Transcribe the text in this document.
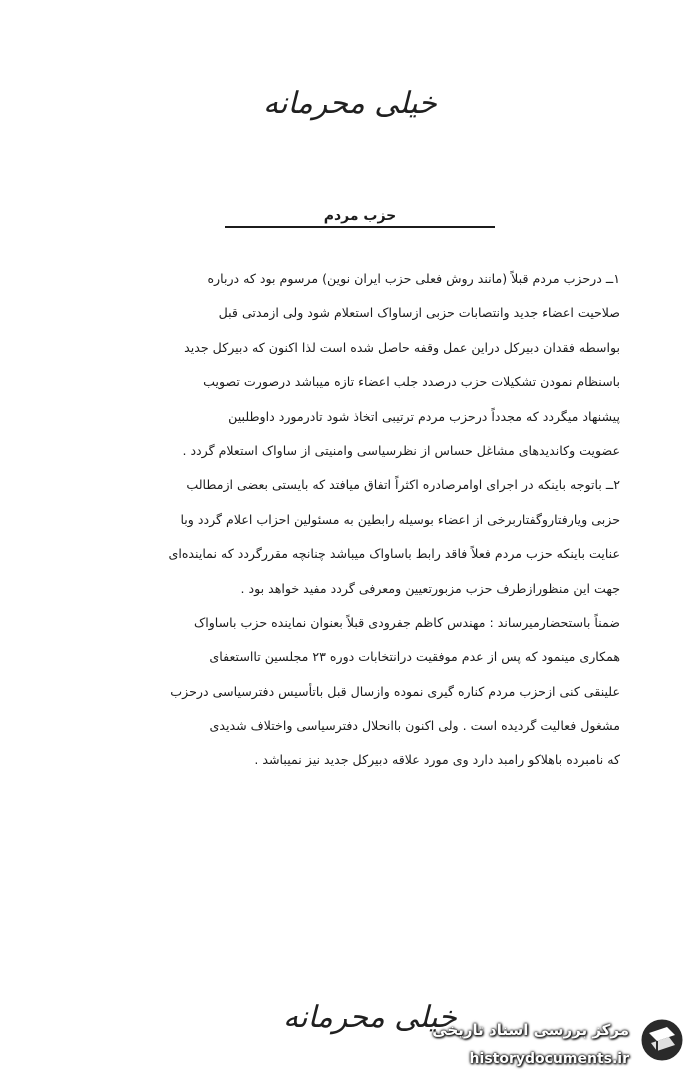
خیلی محرمانه
حزب مردم
۱ــ درحزب مردم قبلاً (مانند روش فعلی حزب ایران نوین) مرسوم بود که درباره
صلاحیت اعضاء جدید وانتصابات حزبی ازساواک استعلام شود ولی ازمدتی قبل
بواسطه فقدان دبیرکل دراین عمل وقفه حاصل شده است لذا اکنون که دبیرکل جدید
باسنظام نمودن تشکیلات حزب درصدد جلب اعضاء تازه میباشد درصورت تصویب
پیشنهاد میگردد که مجدداً درحزب مردم ترتیبی اتخاذ شود تادرمورد داوطلبین
عضویت وکاندیدهای مشاغل حساس از نظرسیاسی وامنیتی از ساواک استعلام گردد .
۲ــ باتوجه باینکه در اجرای اوامرصادره اکثراً اتفاق میافتد که بایستی بعضی ازمطالب
حزبی ویارفتاروگفتاربرخی از اعضاء بوسیله رابطین به مسئولین احزاب اعلام گردد وبا
عنایت باینکه حزب مردم فعلاً فاقد رابط باساواک میباشد چنانچه مقررگردد که نماینده‌ای
جهت این منظورازطرف حزب مزبورتعیین ومعرفی گردد مفید خواهد بود .
ضمناً باستحضارمیرساند : مهندس کاظم جفرودی قبلاً بعنوان نماینده حزب باساواک
همکاری مینمود که پس از عدم موفقیت درانتخابات دوره ۲۳ مجلسین تااستعفای
علینقی کنی ازحزب مردم کناره گیری نموده وازسال قبل باتأسیس دفترسیاسی درحزب
مشغول فعالیت گردیده است . ولی اکنون باانحلال دفترسیاسی واختلاف شدیدی
که نامبرده باهلاکو رامبد دارد وی مورد علاقه دبیرکل جدید نیز نمیباشد .
خیلی محرمانه
مرکز بررسی اسناد تاریخی
historydocuments.ir
